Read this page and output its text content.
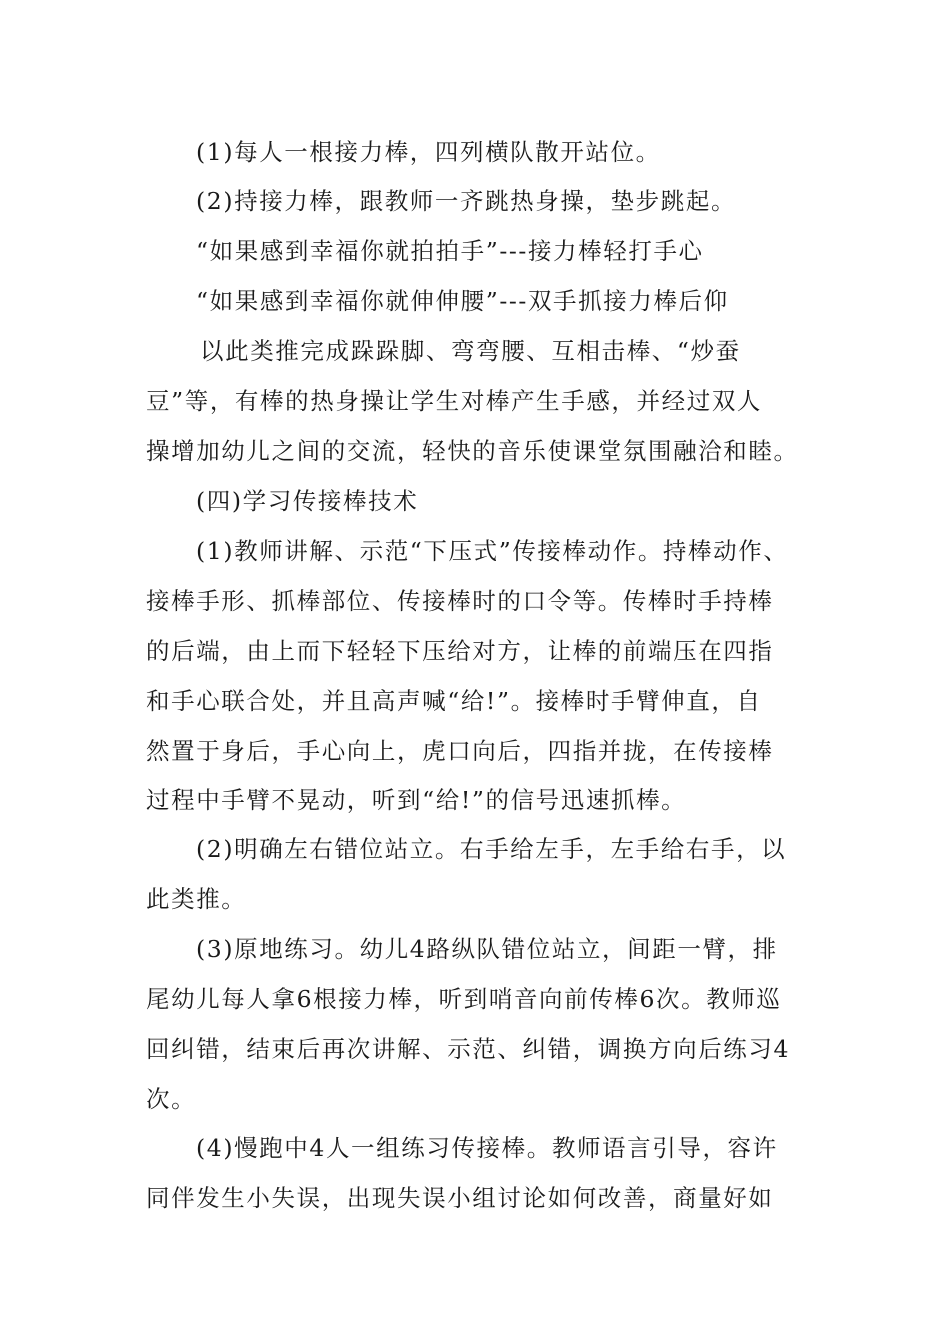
(1)每人一根接力棒，四列横队散开站位。
(2)持接力棒，跟教师一齐跳热身操，垫步跳起。
“如果感到幸福你就拍拍手”---接力棒轻打手心
“如果感到幸福你就伸伸腰”---双手抓接力棒后仰
以此类推完成跺跺脚、弯弯腰、互相击棒、“炒蚕
豆”等，有棒的热身操让学生对棒产生手感，并经过双人
操增加幼儿之间的交流，轻快的音乐使课堂氛围融洽和睦。
(四)学习传接棒技术
(1)教师讲解、示范“下压式”传接棒动作。持棒动作、
接棒手形、抓棒部位、传接棒时的口令等。传棒时手持棒
的后端，由上而下轻轻下压给对方，让棒的前端压在四指
和手心联合处，并且高声喊“给!”。接棒时手臂伸直，自
然置于身后，手心向上，虎口向后，四指并拢，在传接棒
过程中手臂不晃动，听到“给!”的信号迅速抓棒。
(2)明确左右错位站立。右手给左手，左手给右手，以
此类推。
(3)原地练习。幼儿4路纵队错位站立，间距一臂，排
尾幼儿每人拿6根接力棒，听到哨音向前传棒6次。教师巡
回纠错，结束后再次讲解、示范、纠错，调换方向后练习4
次。
(4)慢跑中4人一组练习传接棒。教师语言引导，容许
同伴发生小失误，出现失误小组讨论如何改善，商量好如
